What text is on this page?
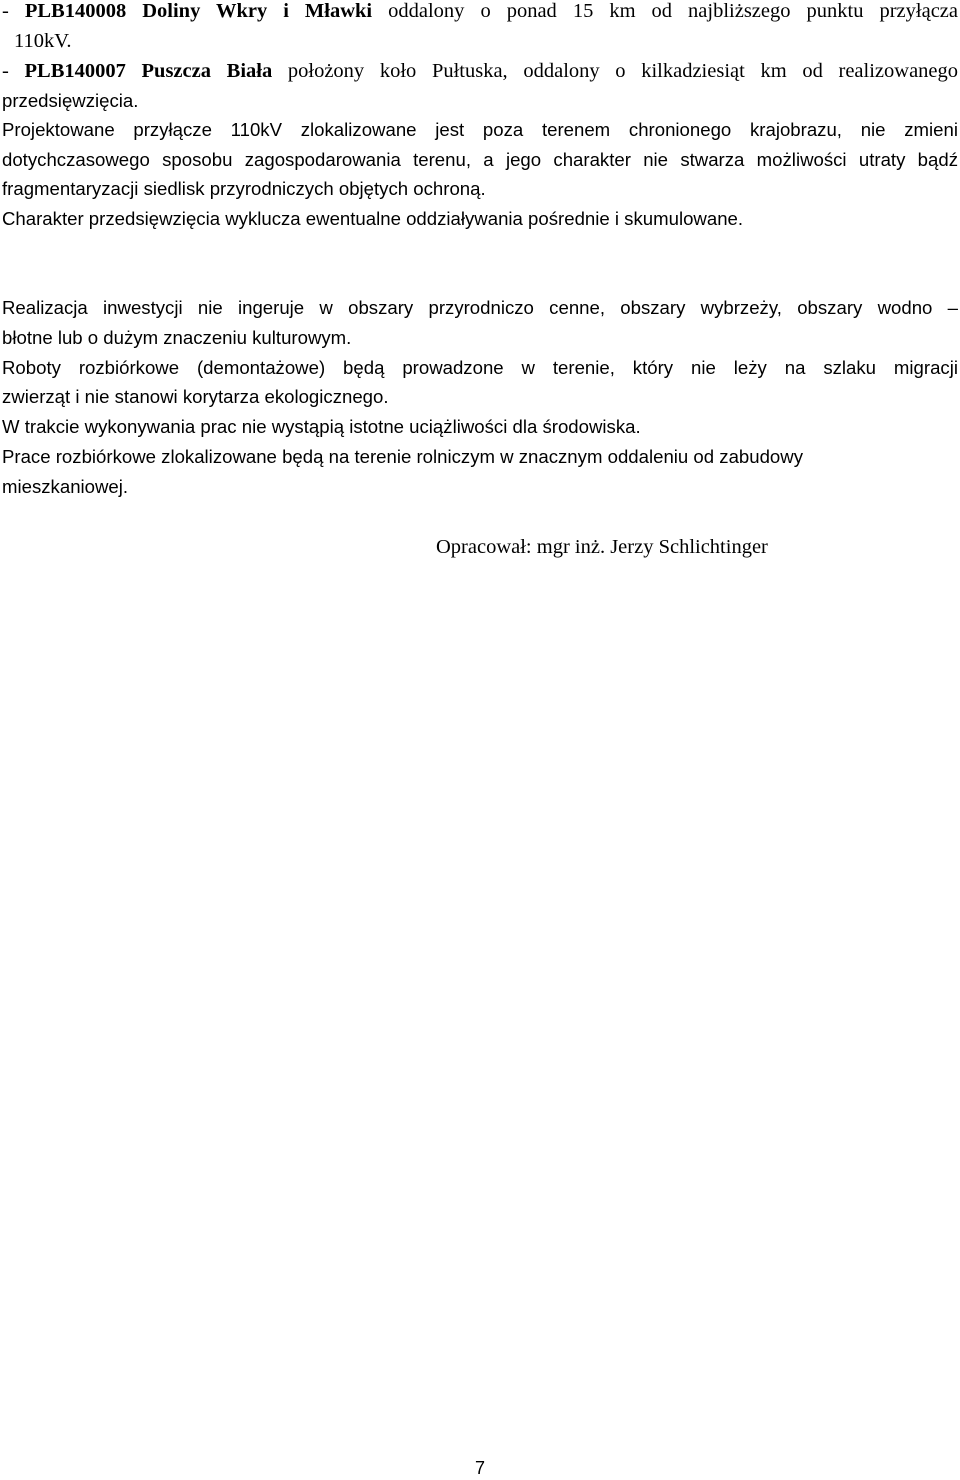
- PLB140008 Doliny Wkry i Mławki oddalony o ponad 15 km od najbliższego punktu przyłącza
110kV.
- PLB140007 Puszcza Biała położony koło Pułtuska, oddalony o kilkadziesiąt km od realizowanego
przedsięwzięcia.
Projektowane przyłącze 110kV zlokalizowane jest poza terenem chronionego krajobrazu, nie zmieni
dotychczasowego sposobu zagospodarowania terenu, a jego charakter nie stwarza możliwości utraty bądź
fragmentaryzacji siedlisk przyrodniczych objętych ochroną.
Charakter przedsięwzięcia wyklucza ewentualne oddziaływania pośrednie i skumulowane.
Realizacja inwestycji nie ingeruje w obszary przyrodniczo cenne, obszary wybrzeży, obszary wodno –
błotne lub o dużym znaczeniu kulturowym.
Roboty rozbiórkowe (demontażowe) będą prowadzone w terenie, który nie leży na szlaku migracji
zwierząt i nie stanowi korytarza ekologicznego.
W trakcie wykonywania prac nie wystąpią istotne uciążliwości dla środowiska.
Prace rozbiórkowe zlokalizowane będą na terenie rolniczym w znacznym oddaleniu od zabudowy
mieszkaniowej.
Opracował: mgr inż. Jerzy Schlichtinger
7
